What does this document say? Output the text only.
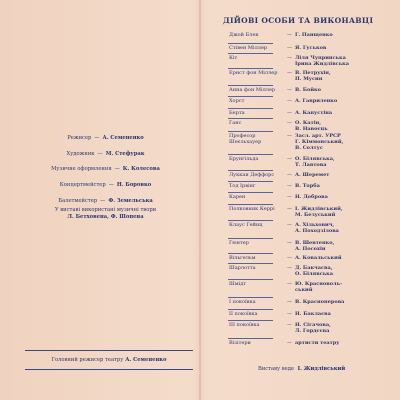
Режисер — А. Семененко
Художник — М. Стефурак
Музичне оформлення — К. Колесова
Концертмейстер — Н. Боровко
Балетмейстер — Ф. Земельська
У виставі використані музичні твори
Л. Бетховена, Ф. Шопена
Головний режисер театру А. Семененко
ДІЙОВІ ОСОБИ ТА ВИКОНАВЦІ
Джой Блек	— Г. Панщенко
Стівен Міллер	— Я. Гуськов
Кіт	— Ліля Чупринська
Ірина Жидлівська
Ернст фон Міллер	— В. Петрухін,
П. Мусин
Анна фон Міллер	— В. Бойко
Хорст	— А. Гавриленко
Берта	— А. Капустіна
Ганс	— О. Катін,
В. Навоєць
Професор Шеєльхауер
— Засл. арт. УРСР
Г. Кіммонський,
В. Солтус
Брунгільда	— О. Білявська,
Т. Лавтова
Луккан Деффорс	— А. Шеремет
Тод Ірвінг	— В. Торба
Карен	— Н. Доброва
Полковник Керрі	— І. Жидлівський,
М. Безуський
Клаус Гейнц	— А. Хільхович,
А. Походзілова
Гюнтер	— В. Шевтенко,
А. Посохін
Вільгельм	— А. Ковальський
Шарлотта	— Д. Бакчасва,
О. Білявська
Шмідт	— Ю. Красноволь-
ський
І покоївка	— В. Красноперова
ІІ покоївка	— Н. Баклаєва
ІІІ покоївка	— Н. Сігачова,
Л. Гордєєва
Візітери	— артисти театру
Виставу веде І. Жидлівський
